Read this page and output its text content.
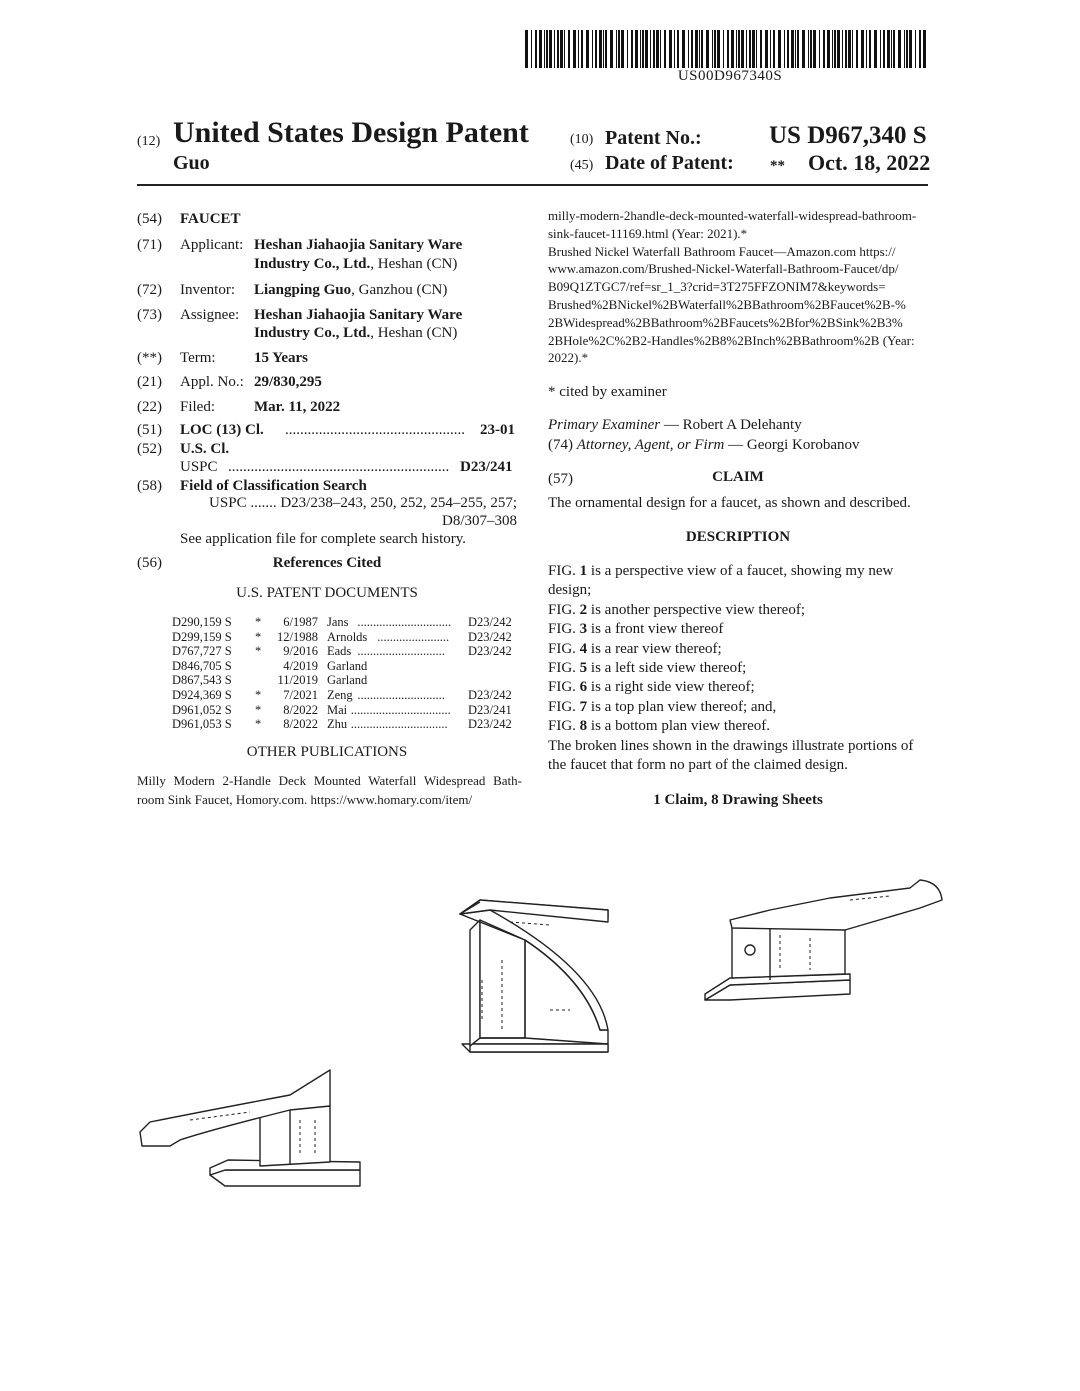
US00D967340S
(12) United States Design Patent
Guo
(10) Patent No.:	US D967,340 S
(45) Date of Patent: ** Oct. 18, 2022
(54) FAUCET
(71) Applicant: Heshan Jiahaojia Sanitary Ware
Industry Co., Ltd., Heshan (CN)
(72) Inventor: Liangping Guo, Ganzhou (CN)
(73) Assignee: Heshan Jiahaojia Sanitary Ware
Industry Co., Ltd., Heshan (CN)
(**) Term:	15 Years
(21) Appl. No.: 29/830,295
(22) Filed:	Mar. 11, 2022
(51) LOC (13) Cl. ................................................	23-01
(52) U.S. Cl.
USPC ........................................................... D23/241
(58) Field of Classification Search
USPC ....... D23/238–243, 250, 252, 254–255, 257;
D8/307–308
See application file for complete search history.
(56)	References Cited
U.S. PATENT DOCUMENTS
D290,159 S *	6/1987 Jans ..............................	D23/242
D299,159 S *	12/1988 Arnolds .......................	D23/242
D767,727 S *	9/2016 Eads ............................	D23/242
D846,705 S	4/2019 Garland
D867,543 S	11/2019 Garland
D924,369 S *	7/2021 Zeng ............................	D23/242
D961,052 S *	8/2022 Mai ................................	D23/241
D961,053 S *	8/2022 Zhu ...............................	D23/242
OTHER PUBLICATIONS
Milly Modern 2-Handle Deck Mounted Waterfall Widespread Bath-
room Sink Faucet, Homory.com. https://www.homary.com/item/
milly-modern-2handle-deck-mounted-waterfall-widespread-bathroom-
sink-faucet-11169.html (Year: 2021).*
Brushed Nickel Waterfall Bathroom Faucet—Amazon.com https://
www.amazon.com/Brushed-Nickel-Waterfall-Bathroom-Faucet/dp/
B09Q1ZTGC7/ref=sr_1_3?crid=3T275FFZONIM7&keywords=
Brushed%2BNickel%2BWaterfall%2BBathroom%2BFaucet%2B-%
2BWidespread%2BBathroom%2BFaucets%2Bfor%2BSink%2B3%
2BHole%2C%2B2-Handles%2B8%2BInch%2BBathroom%2B (Year:
2022).*
* cited by examiner
Primary Examiner — Robert A Delehanty
(74) Attorney, Agent, or Firm — Georgi Korobanov
(57)	CLAIM
The ornamental design for a faucet, as shown and described.
DESCRIPTION
FIG. 1 is a perspective view of a faucet, showing my new
design;
FIG. 2 is another perspective view thereof;
FIG. 3 is a front view thereof
FIG. 4 is a rear view thereof;
FIG. 5 is a left side view thereof;
FIG. 6 is a right side view thereof;
FIG. 7 is a top plan view thereof; and,
FIG. 8 is a bottom plan view thereof.
The broken lines shown in the drawings illustrate portions of
the faucet that form no part of the claimed design.
1 Claim, 8 Drawing Sheets
